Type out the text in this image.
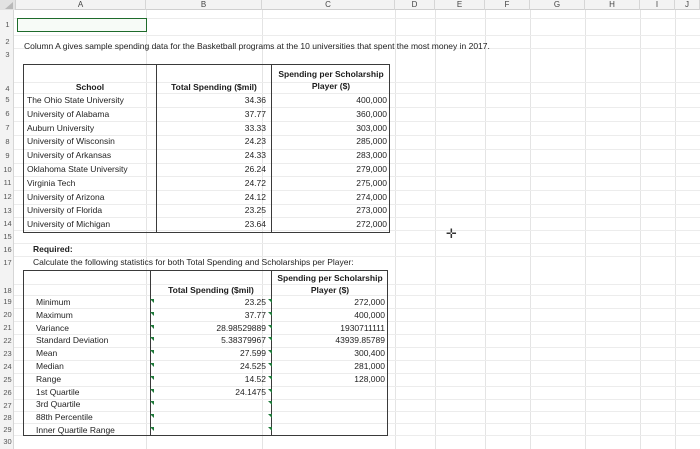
A	B	C	D	E	F	G	H	I	J
1
2
3
4
5
6
7
8
9
10
11
12
13
14
15
16
17
18
19
20
21
22
23
24
25
26
27
28
29
30
Column A gives sample spending data for the Basketball programs at the 10 universities that spent the most money in 2017.
School	Total Spending ($mil)
Spending per Scholarship
Player ($)
The Ohio State University	34.36	400,000
University of Alabama	37.77	360,000
Auburn University	33.33	303,000
University of Wisconsin	24.23	285,000
University of Arkansas	24.33	283,000
Oklahoma State University	26.24	279,000
Virginia Tech	24.72	275,000
University of Arizona	24.12	274,000
University of Florida	23.25	273,000
University of Michigan	23.64	272,000
Required:
Calculate the following statistics for both Total Spending and Scholarships per Player:
Total Spending ($mil)
Spending per Scholarship
Player ($)
Minimum	23.25	272,000
Maximum	37.77	400,000
Variance	28.98529889	1930711111
Standard Deviation	5.38379967	43939.85789
Mean	27.599	300,400
Median	24.525	281,000
Range	14.52	128,000
1st Quartile	24.1475
3rd Quartile
88th Percentile
Inner Quartile Range
✛
